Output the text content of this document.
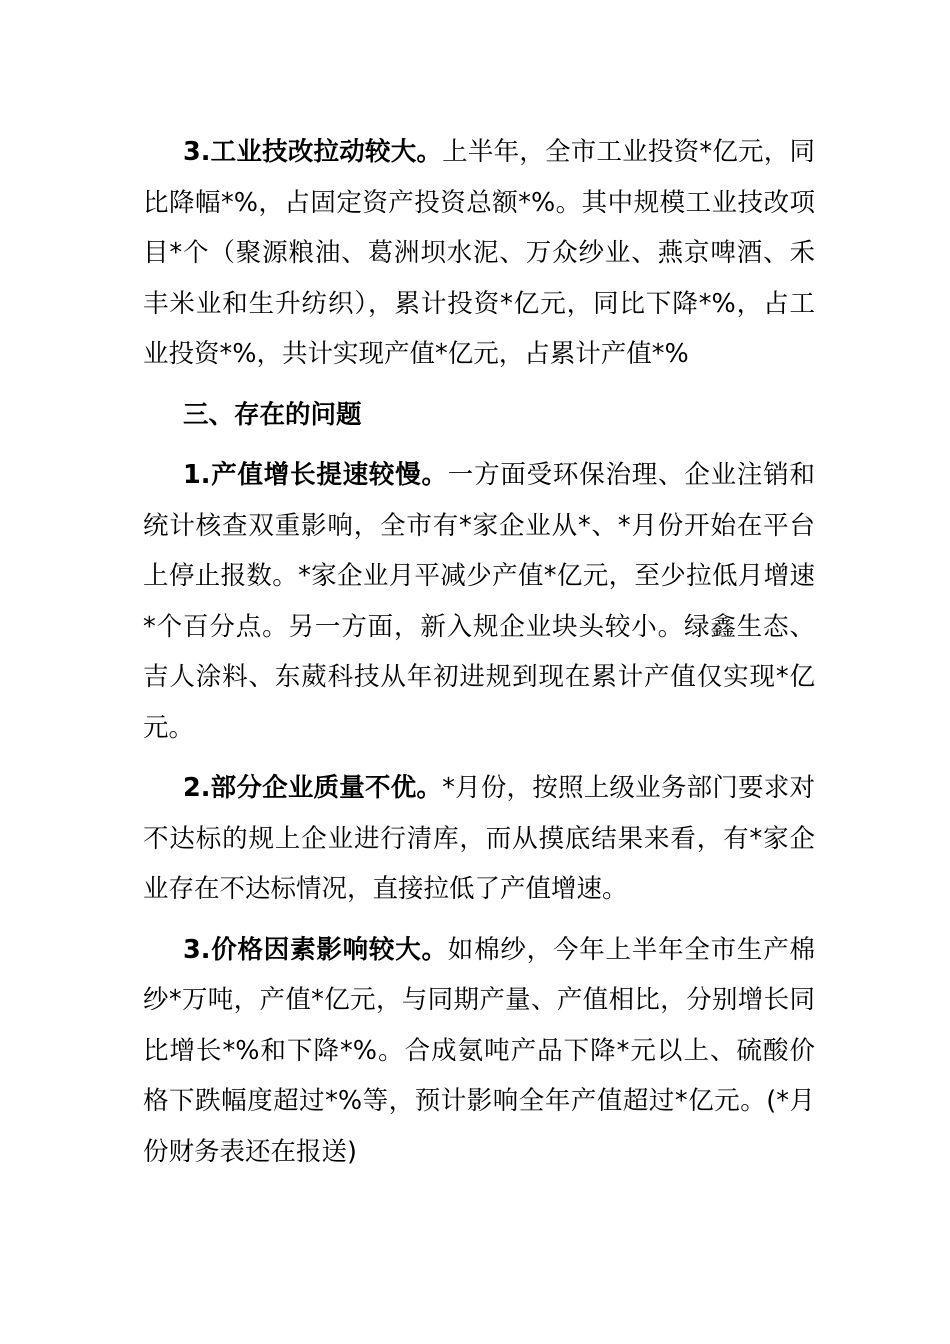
3.工业技改拉动较大。上半年，全市工业投资*亿元，同比降幅*%，占固定资产投资总额*%。其中规模工业技改项目*个（聚源粮油、葛洲坝水泥、万众纱业、燕京啤酒、禾丰米业和生升纺织），累计投资*亿元，同比下降*%，占工业投资*%，共计实现产值*亿元，占累计产值*%

三、存在的问题

1.产值增长提速较慢。一方面受环保治理、企业注销和统计核查双重影响，全市有*家企业从*、*月份开始在平台上停止报数。*家企业月平减少产值*亿元，至少拉低月增速*个百分点。另一方面，新入规企业块头较小。绿鑫生态、吉人涂料、东葳科技从年初进规到现在累计产值仅实现*亿元。

2.部分企业质量不优。*月份，按照上级业务部门要求对不达标的规上企业进行清库，而从摸底结果来看，有*家企业存在不达标情况，直接拉低了产值增速。

3.价格因素影响较大。如棉纱，今年上半年全市生产棉纱*万吨，产值*亿元，与同期产量、产值相比，分别增长同比增长*%和下降*%。合成氨吨产品下降*元以上、硫酸价格下跌幅度超过*%等，预计影响全年产值超过*亿元。(*月份财务表还在报送)
